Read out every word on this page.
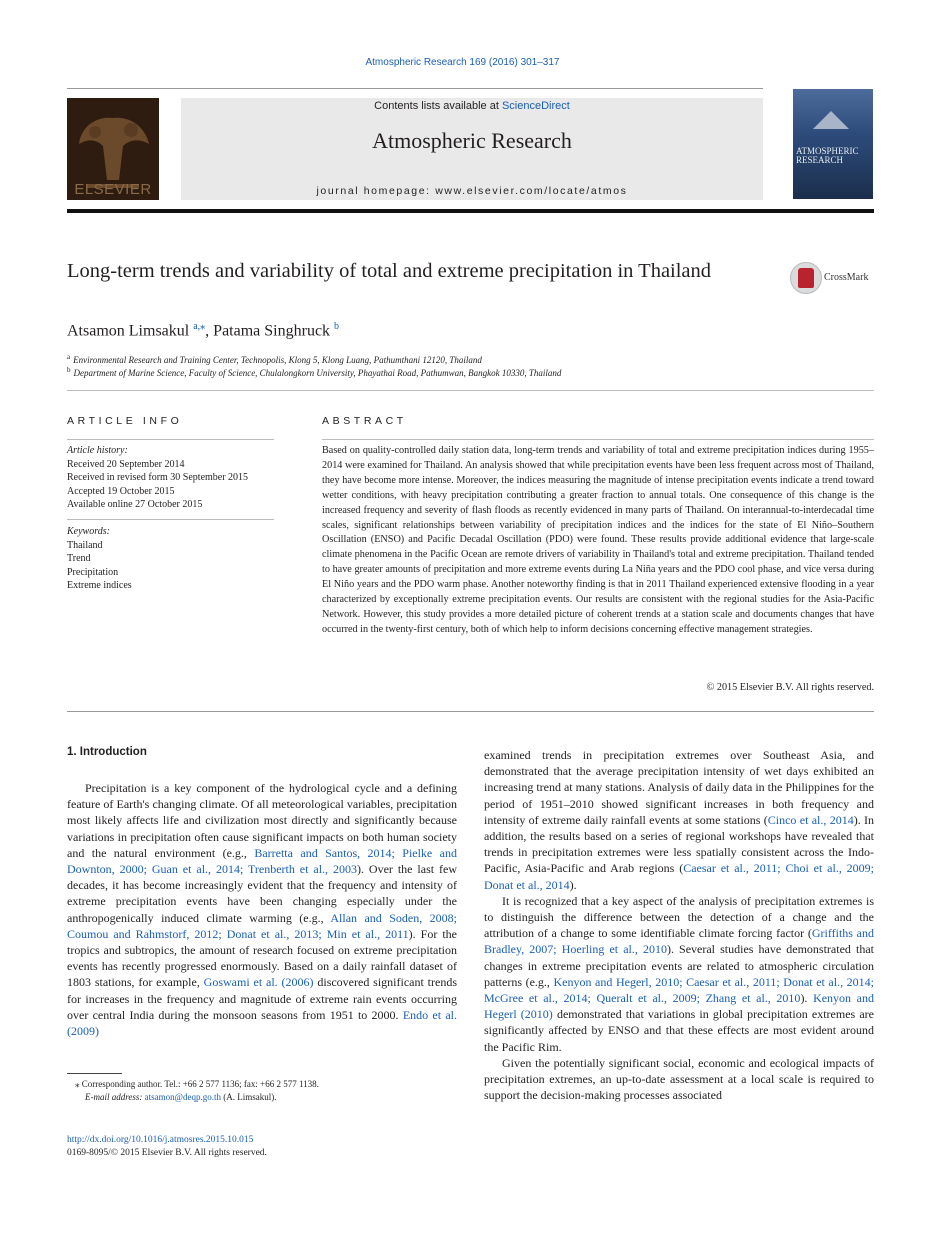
Atmospheric Research 169 (2016) 301–317
ELSEVIER
Contents lists available at ScienceDirect
Atmospheric Research
journal homepage: www.elsevier.com/locate/atmos
ATMOSPHERIC RESEARCH
Long-term trends and variability of total and extreme precipitation in Thailand	CrossMark
Atsamon Limsakul $^{a,⁎}$, Patama Singhruck $^b$
$^a$ Environmental Research and Training Center, Technopolis, Klong 5, Klong Luang, Pathumthani 12120, Thailand
$^b$ Department of Marine Science, Faculty of Science, Chulalongkorn University, Phayathai Road, Pathumwan, Bangkok 10330, Thailand
ARTICLE INFO
Article history:
Received 20 September 2014
Received in revised form 30 September 2015
Accepted 19 October 2015
Available online 27 October 2015
Keywords:
Thailand
Trend
Precipitation
Extreme indices
ABSTRACT
Based on quality-controlled daily station data, long-term trends and variability of total and extreme precipitation indices during 1955–2014 were examined for Thailand. An analysis showed that while precipitation events have been less frequent across most of Thailand, they have become more intense. Moreover, the indices measuring the magnitude of intense precipitation events indicate a trend toward wetter conditions, with heavy precipitation contributing a greater fraction to annual totals. One consequence of this change is the increased frequency and severity of flash floods as recently evidenced in many parts of Thailand. On interannual-to-interdecadal time scales, significant relationships between variability of precipitation indices and the indices for the state of El Niño–Southern Oscillation (ENSO) and Pacific Decadal Oscillation (PDO) were found. These results provide additional evidence that large-scale climate phenomena in the Pacific Ocean are remote drivers of variability in Thailand's total and extreme precipitation. Thailand tended to have greater amounts of precipitation and more extreme events during La Niña years and the PDO cool phase, and vice versa during El Niño years and the PDO warm phase. Another noteworthy finding is that in 2011 Thailand experienced extensive flooding in a year characterized by exceptionally extreme precipitation events. Our results are consistent with the regional studies for the Asia-Pacific Network. However, this study provides a more detailed picture of coherent trends at a station scale and documents changes that have occurred in the twenty-first century, both of which help to inform decisions concerning effective management strategies.
© 2015 Elsevier B.V. All rights reserved.
1. Introduction

Precipitation is a key component of the hydrological cycle and a defining feature of Earth's changing climate. Of all meteorological variables, precipitation most likely affects life and civilization most directly and significantly because variations in precipitation often cause significant impacts on both human society and the natural environment (e.g., Barretta and Santos, 2014; Pielke and Downton, 2000; Guan et al., 2014; Trenberth et al., 2003). Over the last few decades, it has become increasingly evident that the frequency and intensity of extreme precipitation events have been changing especially under the anthropogenically induced climate warming (e.g., Allan and Soden, 2008; Coumou and Rahmstorf, 2012; Donat et al., 2013; Min et al., 2011). For the tropics and subtropics, the amount of research focused on extreme precipitation events has recently progressed enormously. Based on a daily rainfall dataset of 1803 stations, for example, Goswami et al. (2006) discovered significant trends for increases in the frequency and magnitude of extreme rain events occurring over central India during the monsoon seasons from 1951 to 2000. Endo et al. (2009)

examined trends in precipitation extremes over Southeast Asia, and demonstrated that the average precipitation intensity of wet days exhibited an increasing trend at many stations. Analysis of daily data in the Philippines for the period of 1951–2010 showed significant increases in both frequency and intensity of extreme daily rainfall events at some stations (Cinco et al., 2014). In addition, the results based on a series of regional workshops have revealed that trends in precipitation extremes were less spatially consistent across the Indo-Pacific, Asia-Pacific and Arab regions (Caesar et al., 2011; Choi et al., 2009; Donat et al., 2014).

It is recognized that a key aspect of the analysis of precipitation extremes is to distinguish the difference between the detection of a change and the attribution of a change to some identifiable climate forcing factor (Griffiths and Bradley, 2007; Hoerling et al., 2010). Several studies have demonstrated that changes in extreme precipitation events are related to atmospheric circulation patterns (e.g., Kenyon and Hegerl, 2010; Caesar et al., 2011; Donat et al., 2014; McGree et al., 2014; Queralt et al., 2009; Zhang et al., 2010). Kenyon and Hegerl (2010) demonstrated that variations in global precipitation extremes are significantly affected by ENSO and that these effects are most evident around the Pacific Rim.

Given the potentially significant social, economic and ecological impacts of precipitation extremes, an up-to-date assessment at a local scale is required to support the decision-making processes associated

⁎ Corresponding author. Tel.: +66 2 577 1136; fax: +66 2 577 1138.
E-mail address: atsamon@deqp.go.th (A. Limsakul).
http://dx.doi.org/10.1016/j.atmosres.2015.10.015
0169-8095/© 2015 Elsevier B.V. All rights reserved.
